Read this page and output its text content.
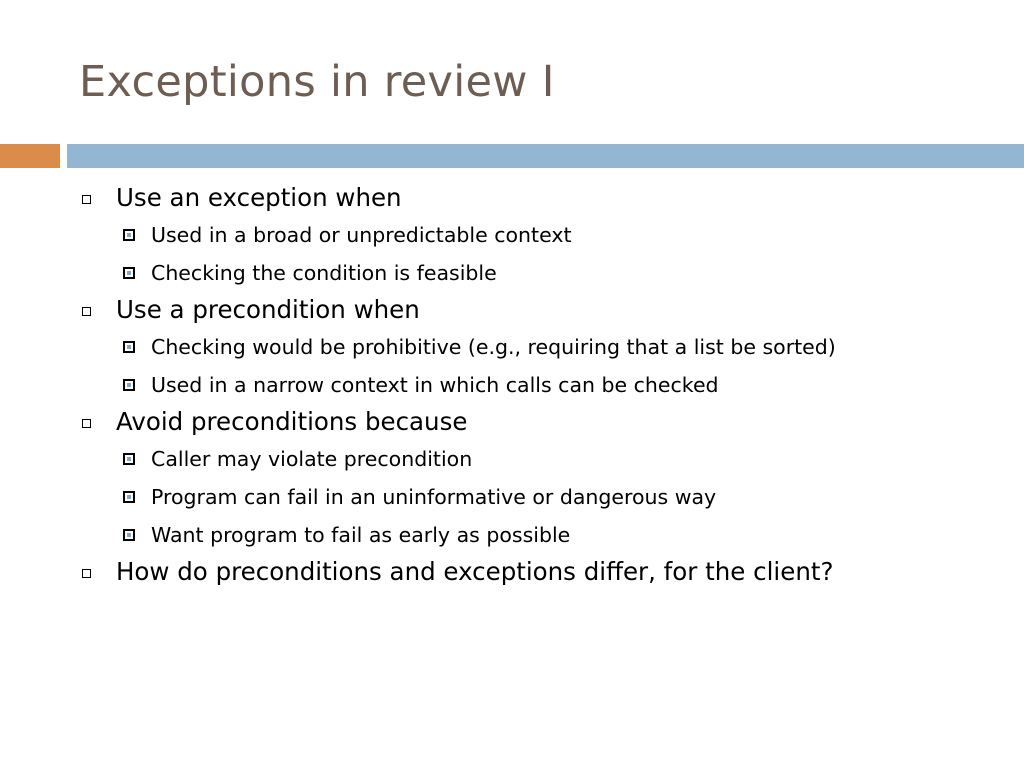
Exceptions in review I
Use an exception when
Used in a broad or unpredictable context
Checking the condition is feasible
Use a precondition when
Checking would be prohibitive (e.g., requiring that a list be sorted)
Used in a narrow context in which calls can be checked
Avoid preconditions because
Caller may violate precondition
Program can fail in an uninformative or dangerous way
Want program to fail as early as possible
How do preconditions and exceptions differ, for the client?
